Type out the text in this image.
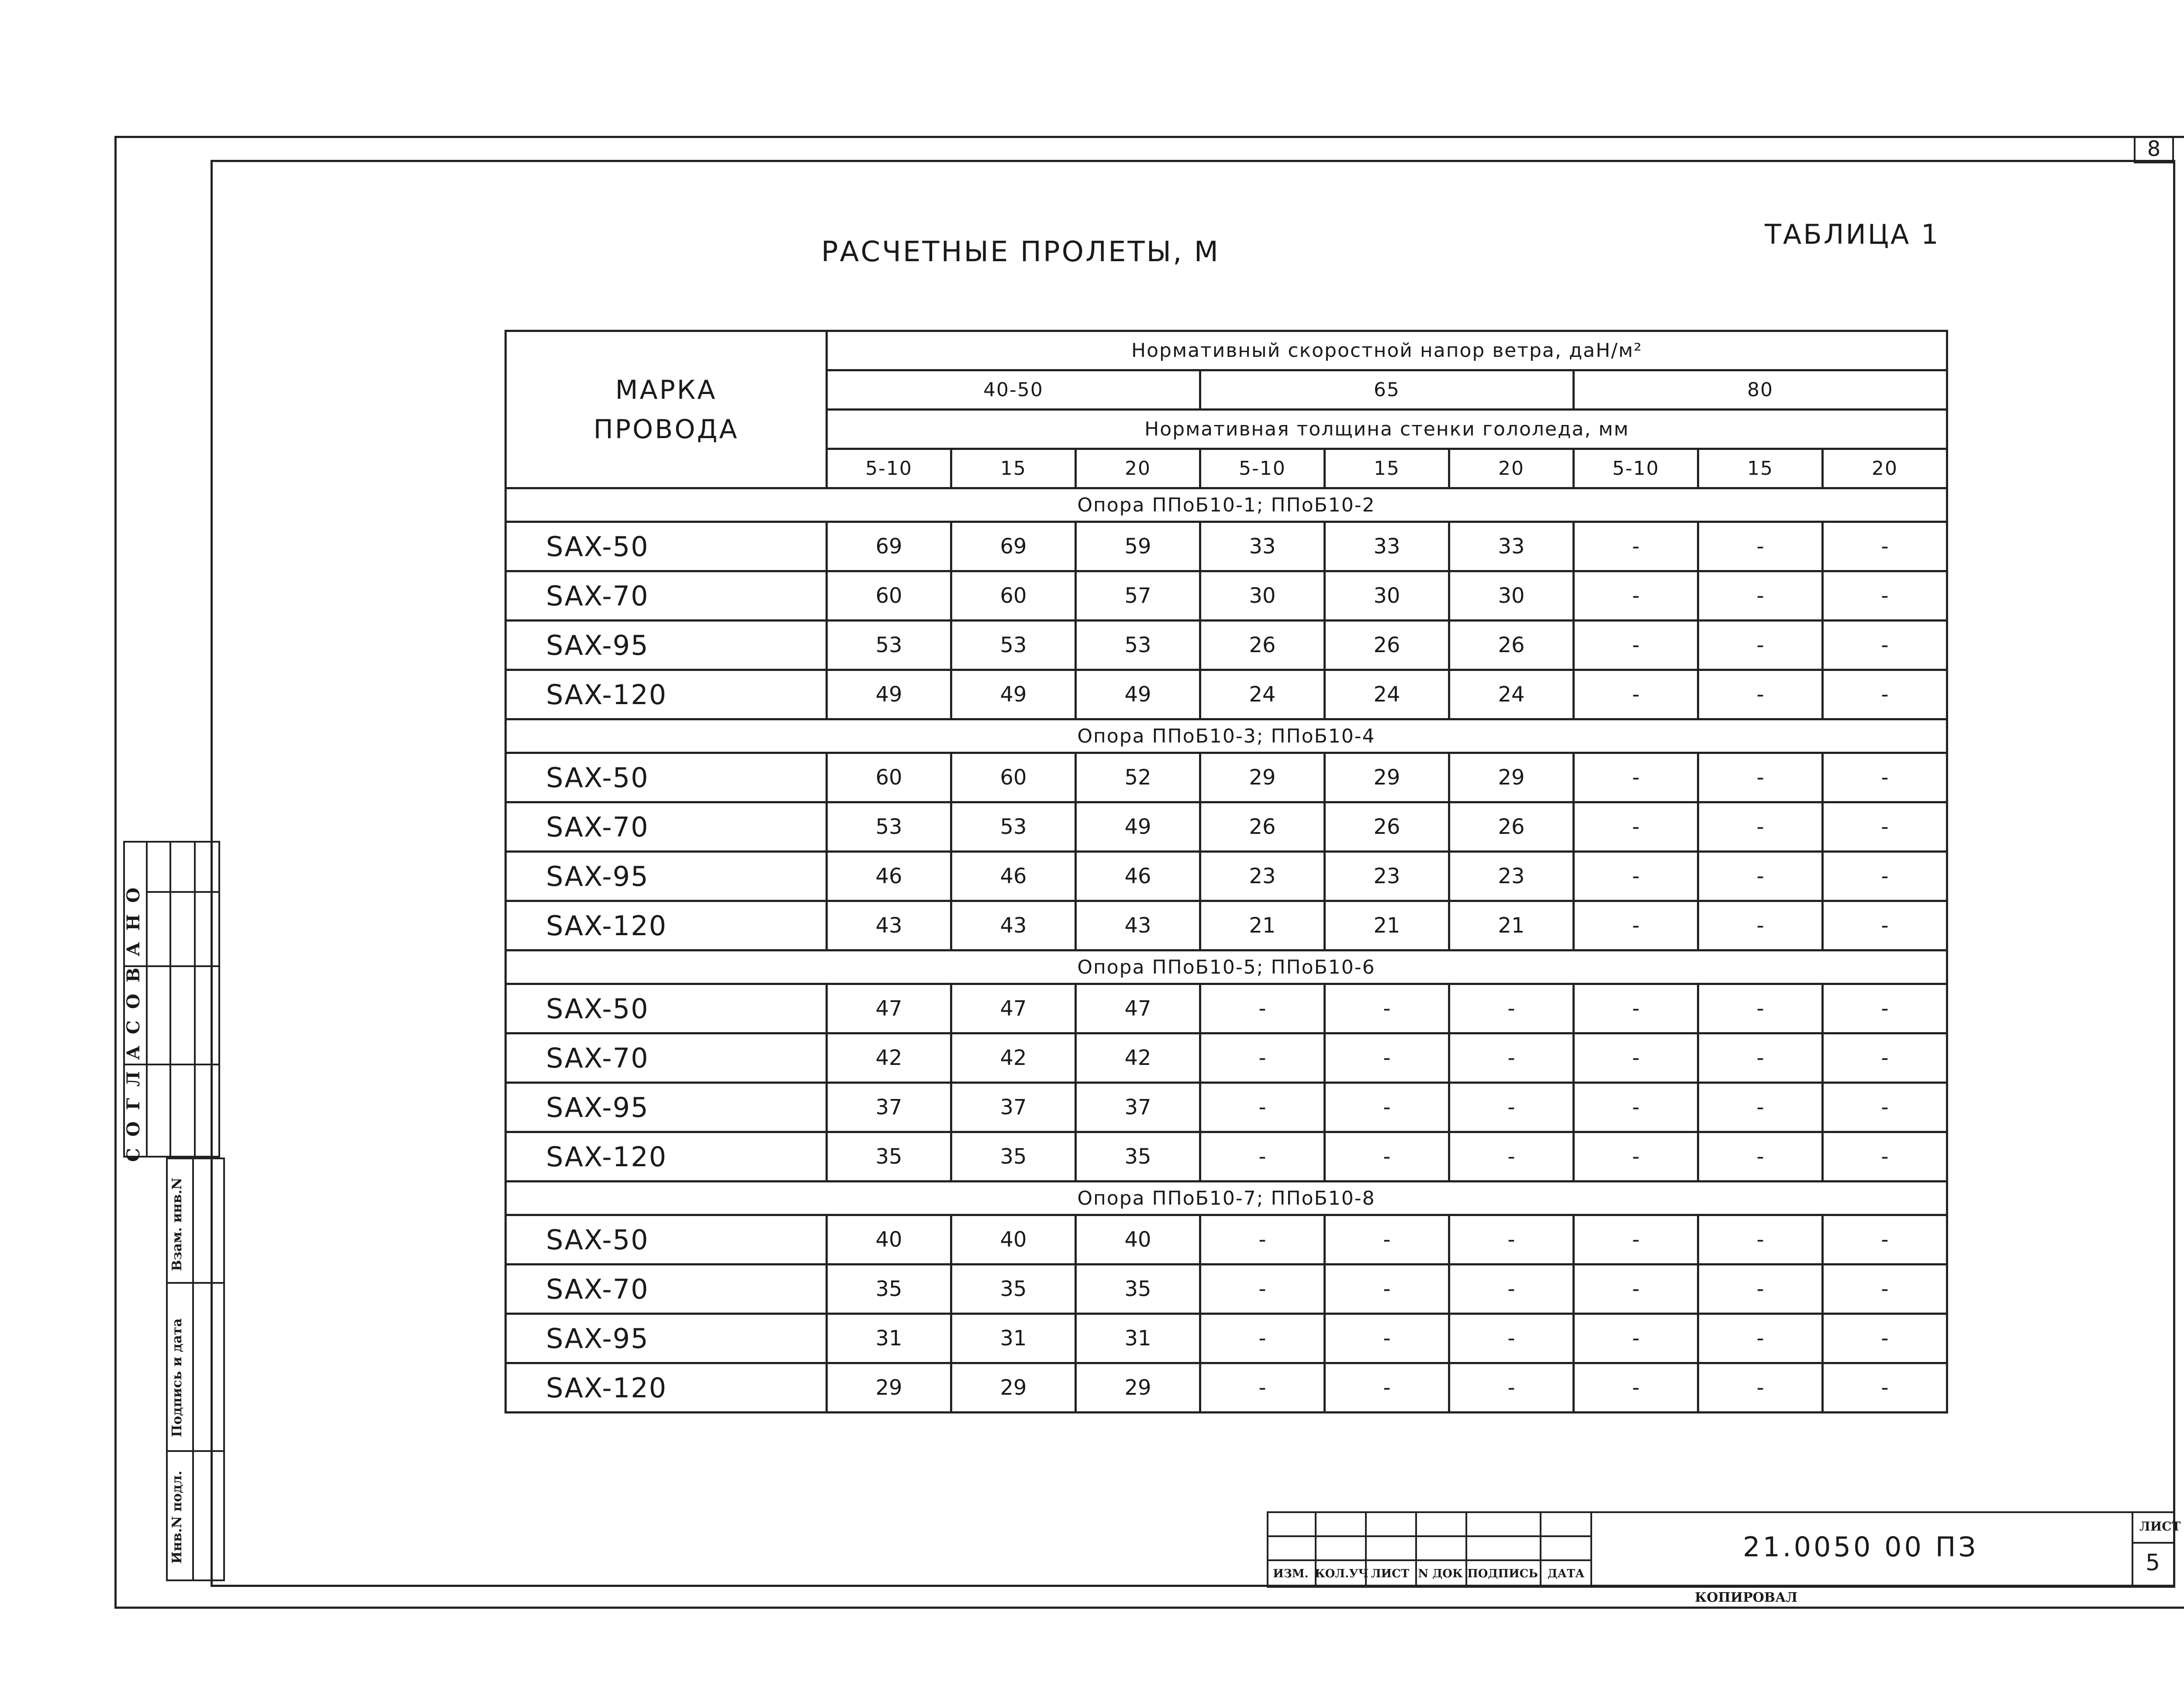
8
РАСЧЕТНЫЕ ПРОЛЕТЫ, М
ТАБЛИЦА 1
МАРКА
ПРОВОДА	Нормативный скоростной напор ветра, даН/м²								
	40-50			65			80		
	Нормативная толщина стенки гололеда, мм								
	5-10	15	20	5-10	15	20	5-10	15	20
Опора ППоБ10-1; ППоБ10-2									
SAX-50	69	69	59	33	33	33	-	-	-
SAX-70	60	60	57	30	30	30	-	-	-
SAX-95	53	53	53	26	26	26	-	-	-
SAX-120	49	49	49	24	24	24	-	-	-
Опора ППоБ10-3; ППоБ10-4									
SAX-50	60	60	52	29	29	29	-	-	-
SAX-70	53	53	49	26	26	26	-	-	-
SAX-95	46	46	46	23	23	23	-	-	-
SAX-120	43	43	43	21	21	21	-	-	-
Опора ППоБ10-5; ППоБ10-6									
SAX-50	47	47	47	-	-	-	-	-	-
SAX-70	42	42	42	-	-	-	-	-	-
SAX-95	37	37	37	-	-	-	-	-	-
SAX-120	35	35	35	-	-	-	-	-	-
Опора ППоБ10-7; ППоБ10-8									
SAX-50	40	40	40	-	-	-	-	-	-
SAX-70	35	35	35	-	-	-	-	-	-
SAX-95	31	31	31	-	-	-	-	-	-
SAX-120	29	29	29	-	-	-	-	-	-
СОГЛАСОВАНО
Взам. инв.N
Подпись и дата
Инв.N подл.
ИЗМ. КОЛ.УЧ ЛИСТ N ДОК ПОДПИСЬ ДАТА
21.0050 00 ПЗ
ЛИСТ
5
КОПИРОВАЛ
